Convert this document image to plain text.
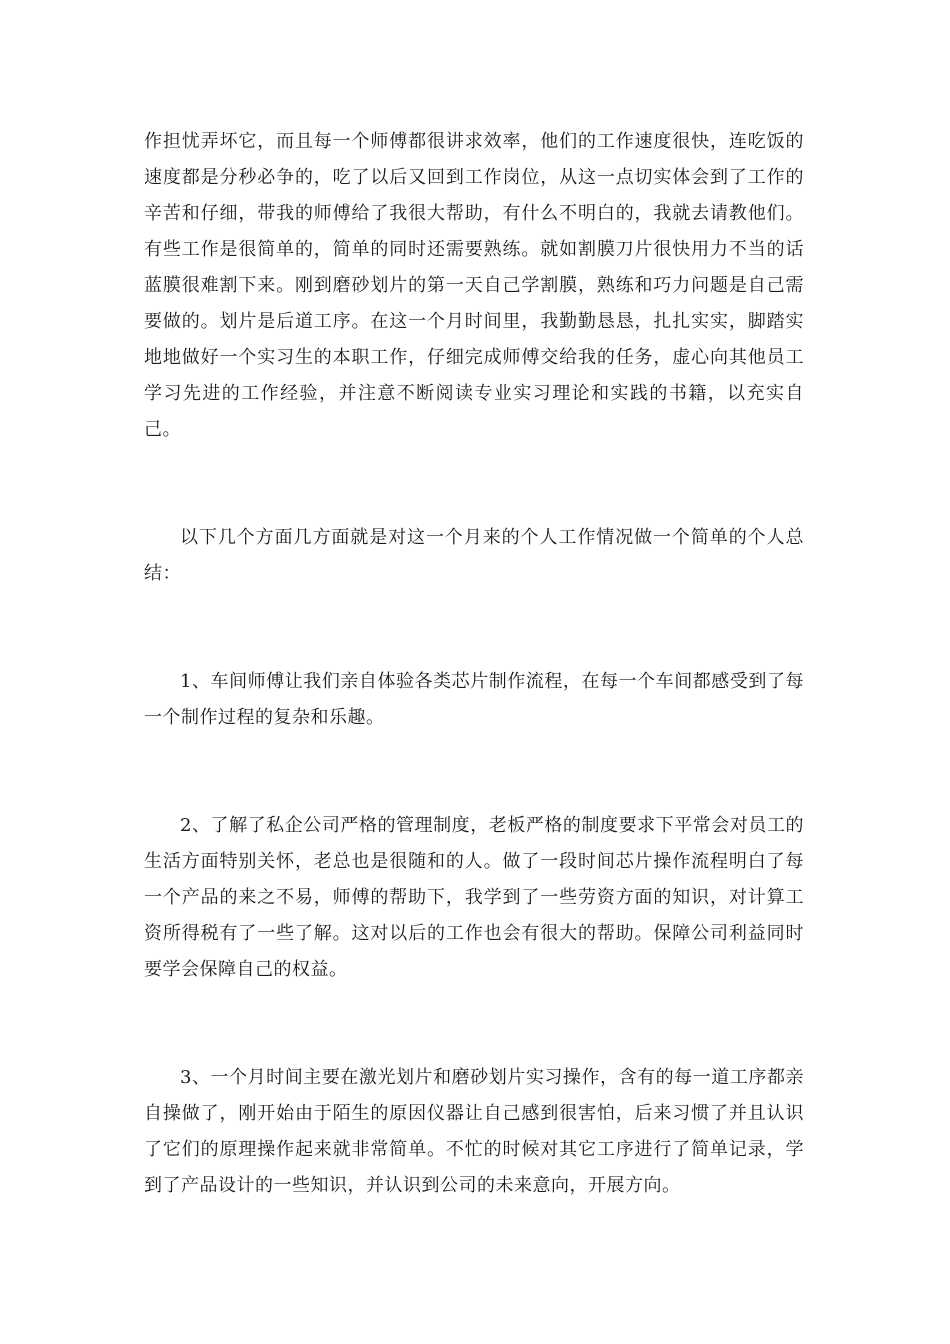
作担忧弄坏它，而且每一个师傅都很讲求效率，他们的工作速度很快，连吃饭的速度都是分秒必争的，吃了以后又回到工作岗位，从这一点切实体会到了工作的辛苦和仔细，带我的师傅给了我很大帮助，有什么不明白的，我就去请教他们。有些工作是很简单的，简单的同时还需要熟练。就如割膜刀片很快用力不当的话蓝膜很难割下来。刚到磨砂划片的第一天自己学割膜，熟练和巧力问题是自己需要做的。划片是后道工序。在这一个月时间里，我勤勤恳恳，扎扎实实，脚踏实地地做好一个实习生的本职工作，仔细完成师傅交给我的任务，虚心向其他员工学习先进的工作经验，并注意不断阅读专业实习理论和实践的书籍，以充实自己。

以下几个方面几方面就是对这一个月来的个人工作情况做一个简单的个人总结：

1、车间师傅让我们亲自体验各类芯片制作流程，在每一个车间都感受到了每一个制作过程的复杂和乐趣。

2、了解了私企公司严格的管理制度，老板严格的制度要求下平常会对员工的生活方面特别关怀，老总也是很随和的人。做了一段时间芯片操作流程明白了每一个产品的来之不易，师傅的帮助下，我学到了一些劳资方面的知识，对计算工资所得税有了一些了解。这对以后的工作也会有很大的帮助。保障公司利益同时要学会保障自己的权益。

3、一个月时间主要在激光划片和磨砂划片实习操作，含有的每一道工序都亲自操做了，刚开始由于陌生的原因仪器让自己感到很害怕，后来习惯了并且认识了它们的原理操作起来就非常简单。不忙的时候对其它工序进行了简单记录，学到了产品设计的一些知识，并认识到公司的未来意向，开展方向。
